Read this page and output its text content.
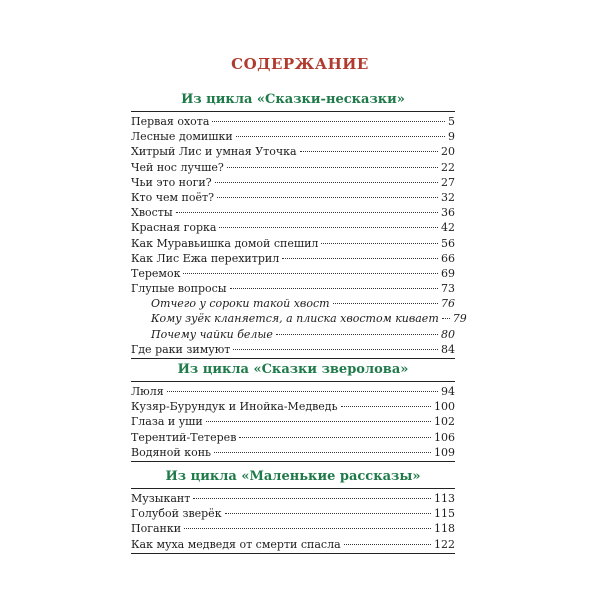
СОДЕРЖАНИЕ
Из цикла «Сказки-несказки»
Первая охота	5
Лесные домишки	9
Хитрый Лис и умная Уточка	20
Чей нос лучше?	22
Чьи это ноги?	27
Кто чем поёт?	32
Хвосты	36
Красная горка	42
Как Муравьишка домой спешил	56
Как Лис Ежа перехитрил	66
Теремок	69
Глупые вопросы	73
Отчего у сороки такой хвост	76
Кому зуёк кланяется, а плиска хвостом кивает 79
Почему чайки белые	80
Где раки зимуют	84
Из цикла «Сказки зверолова»
Люля	94
Кузяр-Бурундук и Инойка-Медведь	100
Глаза и уши	102
Терентий-Тетерев	106
Водяной конь	109
Из цикла «Маленькие рассказы»
Музыкант	113
Голубой зверёк	115
Поганки	118
Как муха медведя от смерти спасла	122
